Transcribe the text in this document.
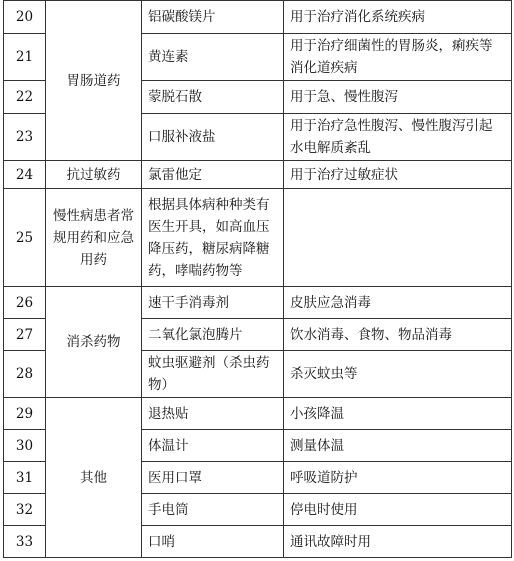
20	胃肠道药	铝碳酸镁片	用于治疗消化系统疾病
21		黄连素	用于治疗细菌性的胃肠炎，痢疾等消化道疾病
22		蒙脱石散	用于急、慢性腹泻
23		口服补液盐	用于治疗急性腹泻、慢性腹泻引起水电解质紊乱
24	抗过敏药	氯雷他定	用于治疗过敏症状
25	慢性病患者常规用药和应急用药	根据具体病种种类有医生开具，如高血压降压药，糖尿病降糖药，哮喘药物等	
26	消杀药物	速干手消毒剂	皮肤应急消毒
27		二氧化氯泡腾片	饮水消毒、食物、物品消毒
28		蚊虫驱避剂（杀虫药物）	杀灭蚊虫等
29	其他	退热贴	小孩降温
30		体温计	测量体温
31		医用口罩	呼吸道防护
32		手电筒	停电时使用
33		口哨	通讯故障时用
